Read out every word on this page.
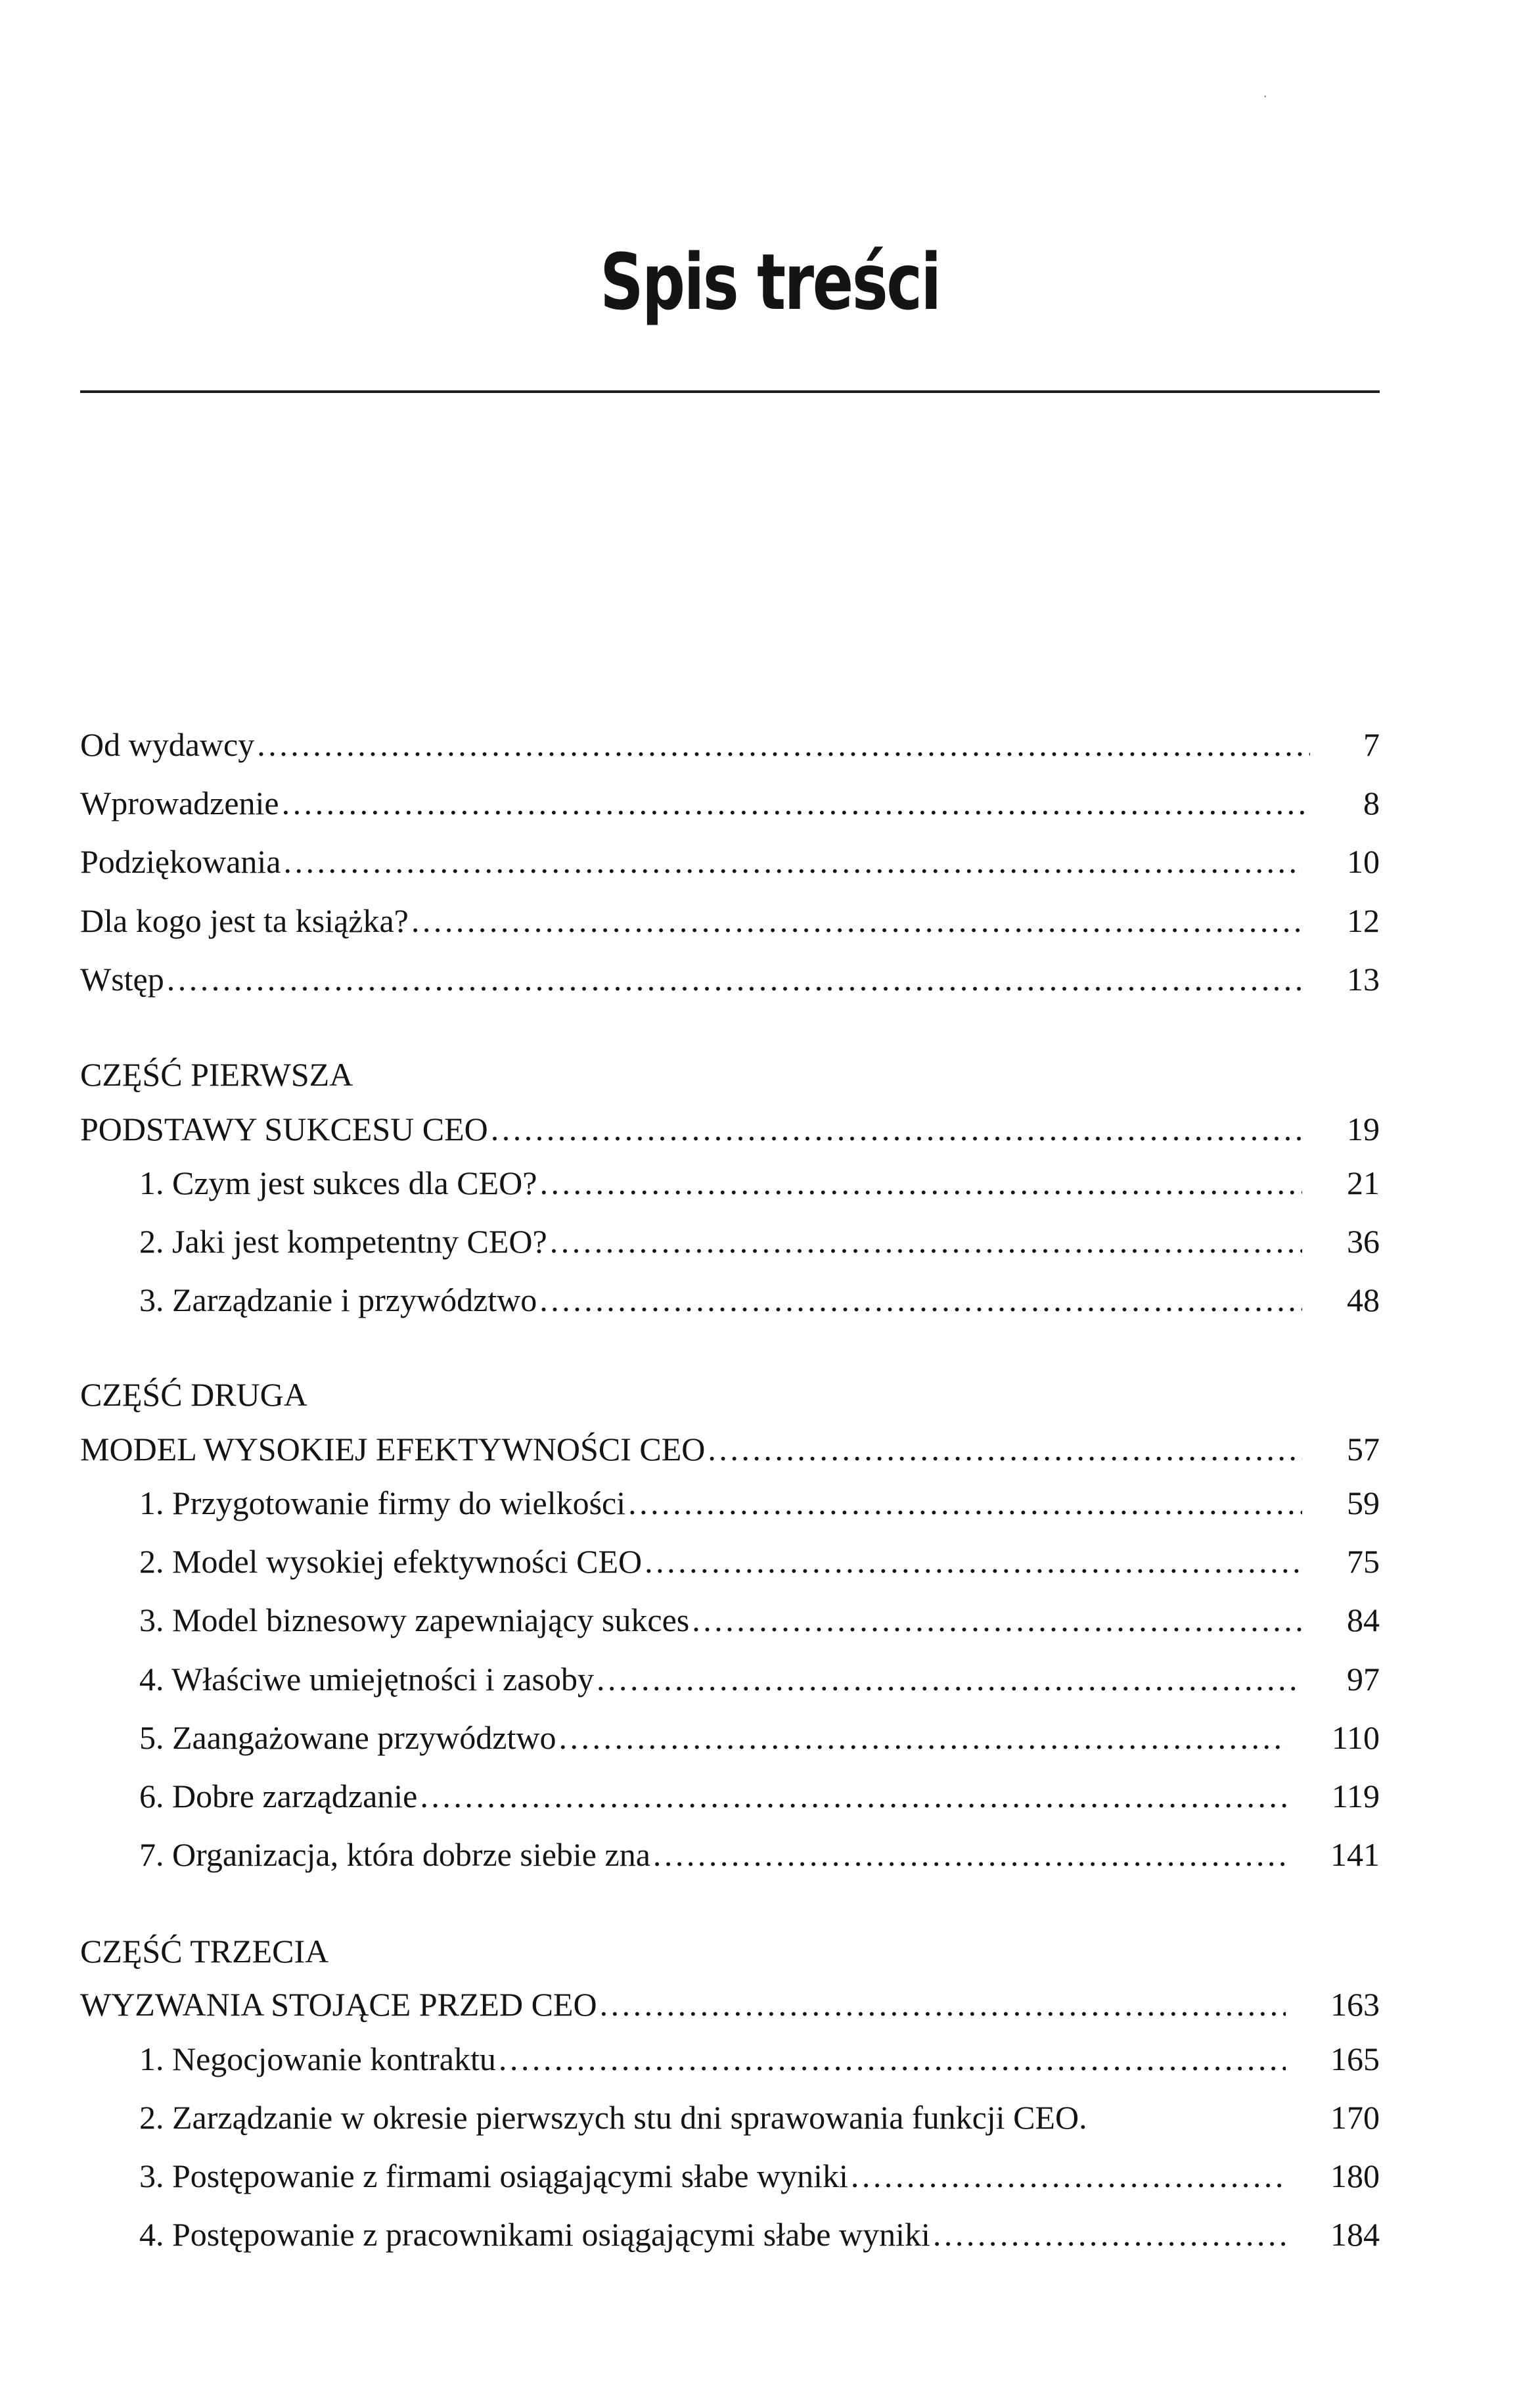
Spis treści
·
Od wydawcy . . .	7
Wprowadzenie . . .	8
Podziękowania . . .	10
Dla kogo jest ta książka? . . .	12
Wstęp . . .	13
CZĘŚĆ PIERWSZA
PODSTAWY SUKCESU CEO . . .	19
1. Czym jest sukces dla CEO? . . .	21
2. Jaki jest kompetentny CEO? . . .	36
3. Zarządzanie i przywództwo . . .	48
CZĘŚĆ DRUGA
MODEL WYSOKIEJ EFEKTYWNOŚCI CEO . . .	57
1. Przygotowanie firmy do wielkości . . .	59
2. Model wysokiej efektywności CEO . . .	75
3. Model biznesowy zapewniający sukces . . .	84
4. Właściwe umiejętności i zasoby . . .	97
5. Zaangażowane przywództwo . . .	110
6. Dobre zarządzanie . . .	119
7. Organizacja, która dobrze siebie zna . . .	141
CZĘŚĆ TRZECIA
WYZWANIA STOJĄCE PRZED CEO . . .	163
1. Negocjowanie kontraktu . . .	165
2. Zarządzanie w okresie pierwszych stu dni sprawowania funkcji CEO.	170
3. Postępowanie z firmami osiągającymi słabe wyniki . . .	180
4. Postępowanie z pracownikami osiągającymi słabe wyniki . . .	184
